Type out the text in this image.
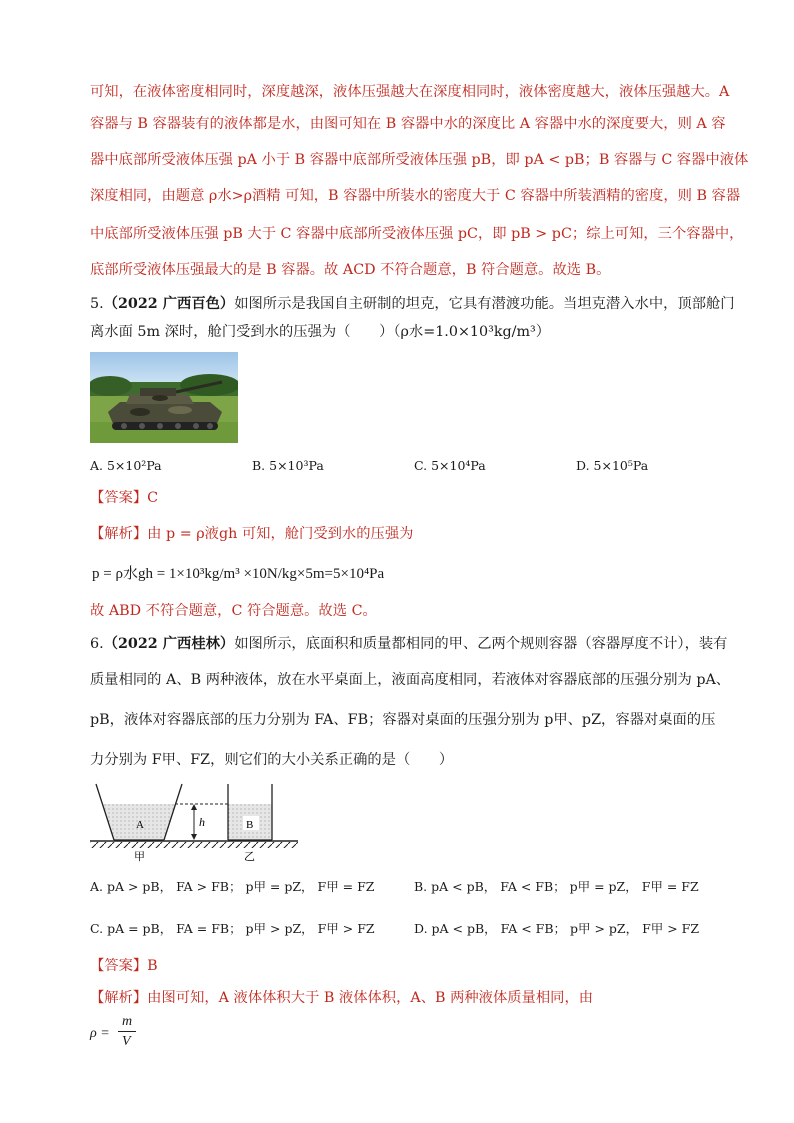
可知，在液体密度相同时，深度越深，液体压强越大在深度相同时，液体密度越大，液体压强越大。A
容器与 B 容器装有的液体都是水，由图可知在 B 容器中水的深度比 A 容器中水的深度要大，则 A 容
器中底部所受液体压强 pA 小于 B 容器中底部所受液体压强 pB，即 pA < pB；B 容器与 C 容器中液体
深度相同，由题意 ρ水>ρ酒精 可知，B 容器中所装水的密度大于 C 容器中所装酒精的密度，则 B 容器
中底部所受液体压强 pB 大于 C 容器中底部所受液体压强 pC，即 pB > pC；综上可知，三个容器中，
底部所受液体压强最大的是 B 容器。故 ACD 不符合题意，B 符合题意。故选 B。
5.（2022 广西百色）如图所示是我国自主研制的坦克，它具有潜渡功能。当坦克潜入水中，顶部舱门
离水面 5m 深时，舱门受到水的压强为（　　）（ρ水=1.0×10³kg/m³）
A. 5×10²Pa	B. 5×10³Pa	C. 5×10⁴Pa	D. 5×10⁵Pa
【答案】C
【解析】由 p = ρ液gh 可知，舱门受到水的压强为
p = ρ水gh = 1×10³kg/m³ ×10N/kg×5m=5×10⁴Pa
故 ABD 不符合题意，C 符合题意。故选 C。
6.（2022 广西桂林）如图所示，底面积和质量都相同的甲、乙两个规则容器（容器厚度不计），装有
质量相同的 A、B 两种液体，放在水平桌面上，液面高度相同，若液体对容器底部的压强分别为 pA、
pB，液体对容器底部的压力分别为 FA、FB；容器对桌面的压强分别为 p甲、pZ，容器对桌面的压
力分别为 F甲、FZ，则它们的大小关系正确的是（　　）
A	h	B
甲	乙
A. pA > pB， FA > FB； p甲 = pZ， F甲 = FZ	B. pA < pB， FA < FB； p甲 = pZ， F甲 = FZ
C. pA = pB， FA = FB； p甲 > pZ， F甲 > FZ	D. pA < pB， FA < FB； p甲 > pZ， F甲 > FZ
【答案】B
【解析】由图可知，A 液体体积大于 B 液体体积，A、B 两种液体质量相同，由
ρ =
m
V
